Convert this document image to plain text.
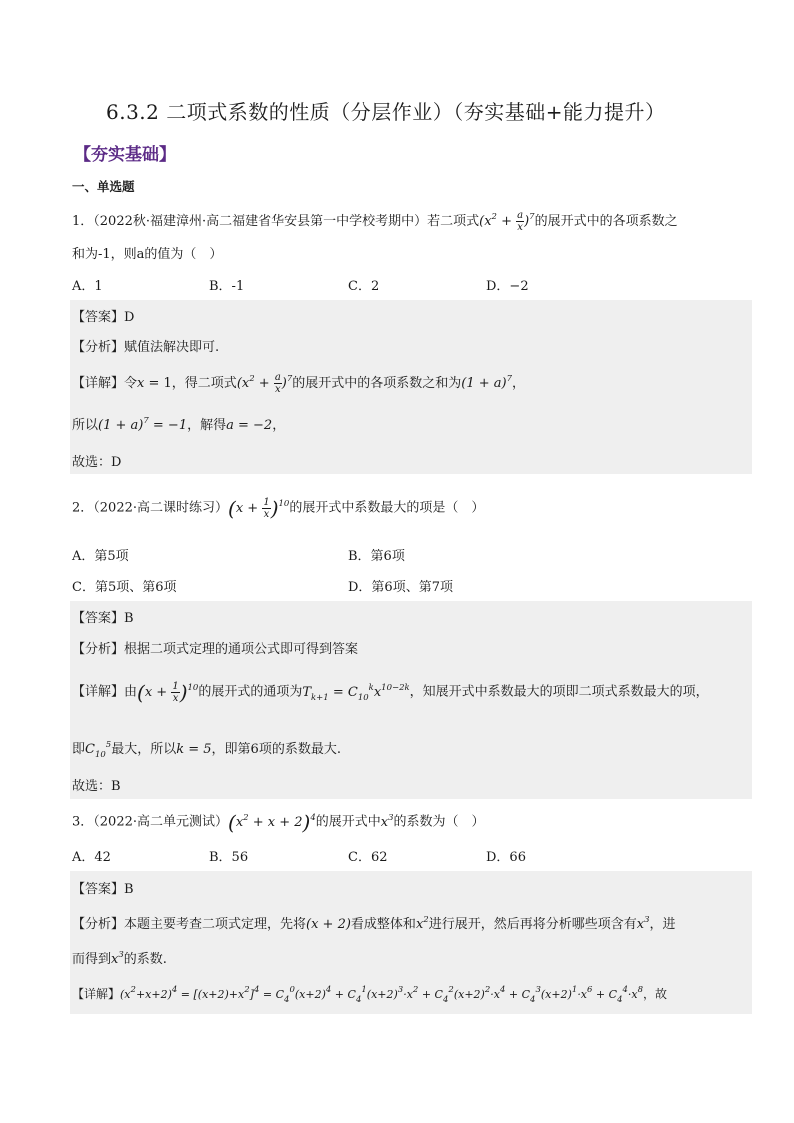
6.3.2 二项式系数的性质（分层作业）（夯实基础+能力提升）
【夯实基础】
一、单选题
1．（2022秋·福建漳州·高二福建省华安县第一中学校考期中）若二项式$(x^2 + \frac{a}{x} )^7$的展开式中的各项系数之
和为-1，则a的值为（　）
A．1	B．-1	C．2	D．−2
【答案】D
【分析】赋值法解决即可.
【详解】令x = 1，得二项式$(x^2 + \frac{a}{x} )^7$的展开式中的各项系数之和为$(1 + a)^7$，
所以$(1 + a)^7 = -1$，解得a = −2，
故选：D
2．（2022·高二课时练习）$(x + \frac{1}{x} )^{10}$的展开式中系数最大的项是（　）
A．第5项	B．第6项
C．第5项、第6项	D．第6项、第7项
【答案】B
【分析】根据二项式定理的通项公式即可得到答案
【详解】由$(x + \frac{1}{x} )^{10}$的展开式的通项为$T_{k+1} = C_{10}^kx^{10-2k}$，知展开式中系数最大的项即二项式系数最大的项，
即$C_{10}^5$最大，所以k = 5，即第6项的系数最大.
故选：B
3．（2022·高二单元测试）$(x^2 + x + 2)^4$的展开式中$x^3$的系数为（　）
A．42	B．56	C．62	D．66
【答案】B
【分析】本题主要考查二项式定理，先将(x + 2)看成整体和$x^2$进行展开，然后再将分析哪些项含有$x^3$，进
而得到$x^3$的系数.
【详解】$(x^2+x+2)^4 = [(x+2)+x^2]^4 = C_4^0(x+2)^4 + C_4^1(x+2)^3\cdot x^2 + C_4^2(x+2)^2\cdot x^4 + C_4^3(x+2)^1\cdot x^6 + C_4^4\cdot x^8$，故
